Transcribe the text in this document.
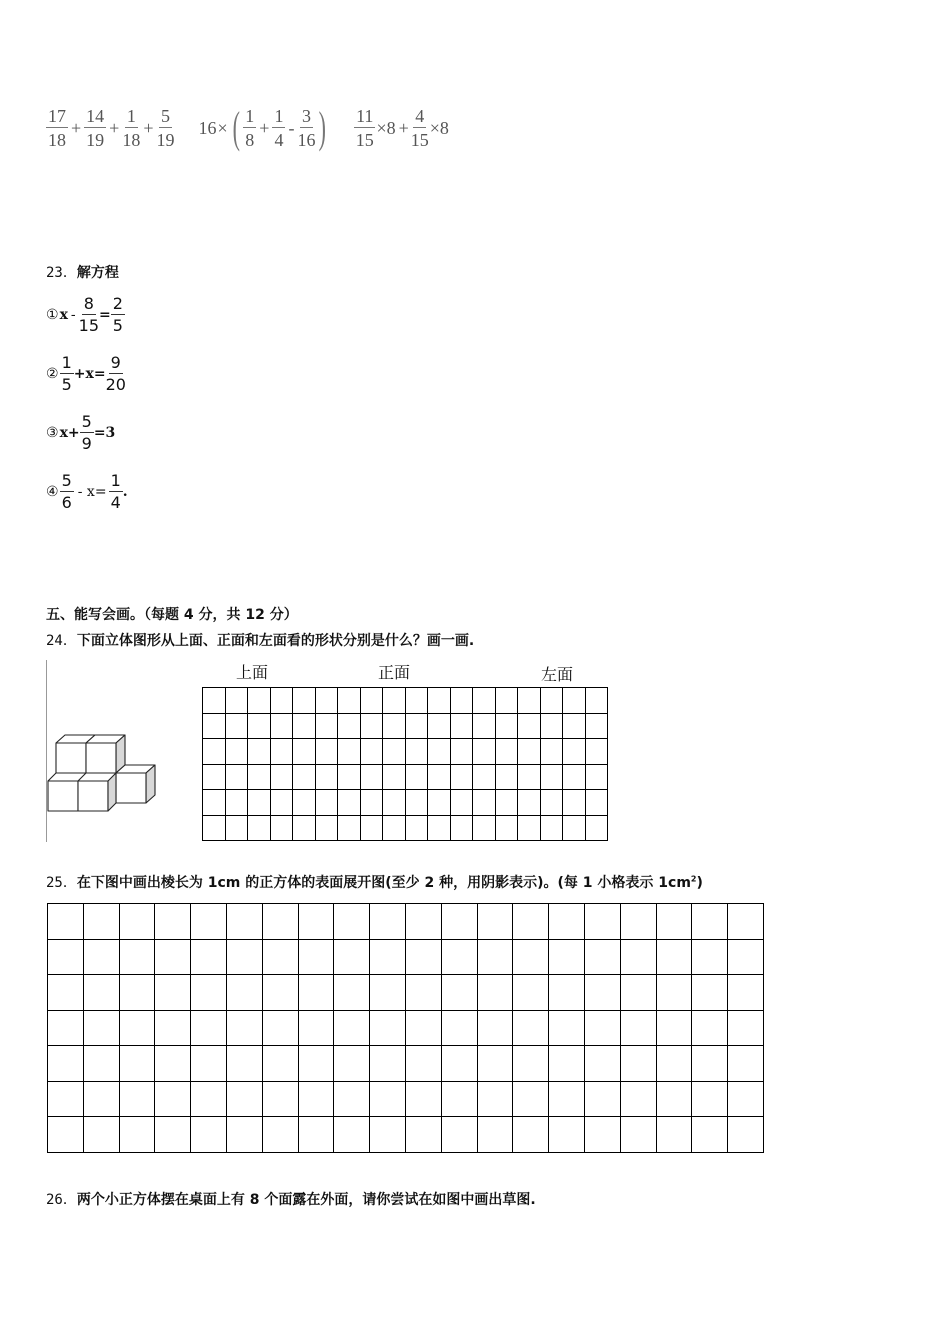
$\frac{17}{18} + \frac{14}{19} + \frac{1}{18} + \frac{5}{19} 16$ × ( $\frac{1}{8} + \frac{1}{4} - \frac{3}{16}$ ) $\frac{11}{15} \times 8 + \frac{4}{15} \times 8$
23．解方程
① $x - \frac{8}{15} = \frac{2}{5}$
② $\frac{1}{5} +x= \frac{9}{20}$
③ $x+ \frac{5}{9} =3$
④ $\frac{5}{6} - x= \frac{1}{4}$ .
五、能写会画。（每题 4 分，共 12 分）
24．下面立体图形从上面、正面和左面看的形状分别是什么？画一画.
上面	正面	左面

25．在下图中画出棱长为 1cm 的正方体的表面展开图(至少 2 种，用阴影表示)。(每 1 小格表示 $1cm^2$)

26．两个小正方体摆在桌面上有 8 个面露在外面，请你尝试在如图中画出草图.
